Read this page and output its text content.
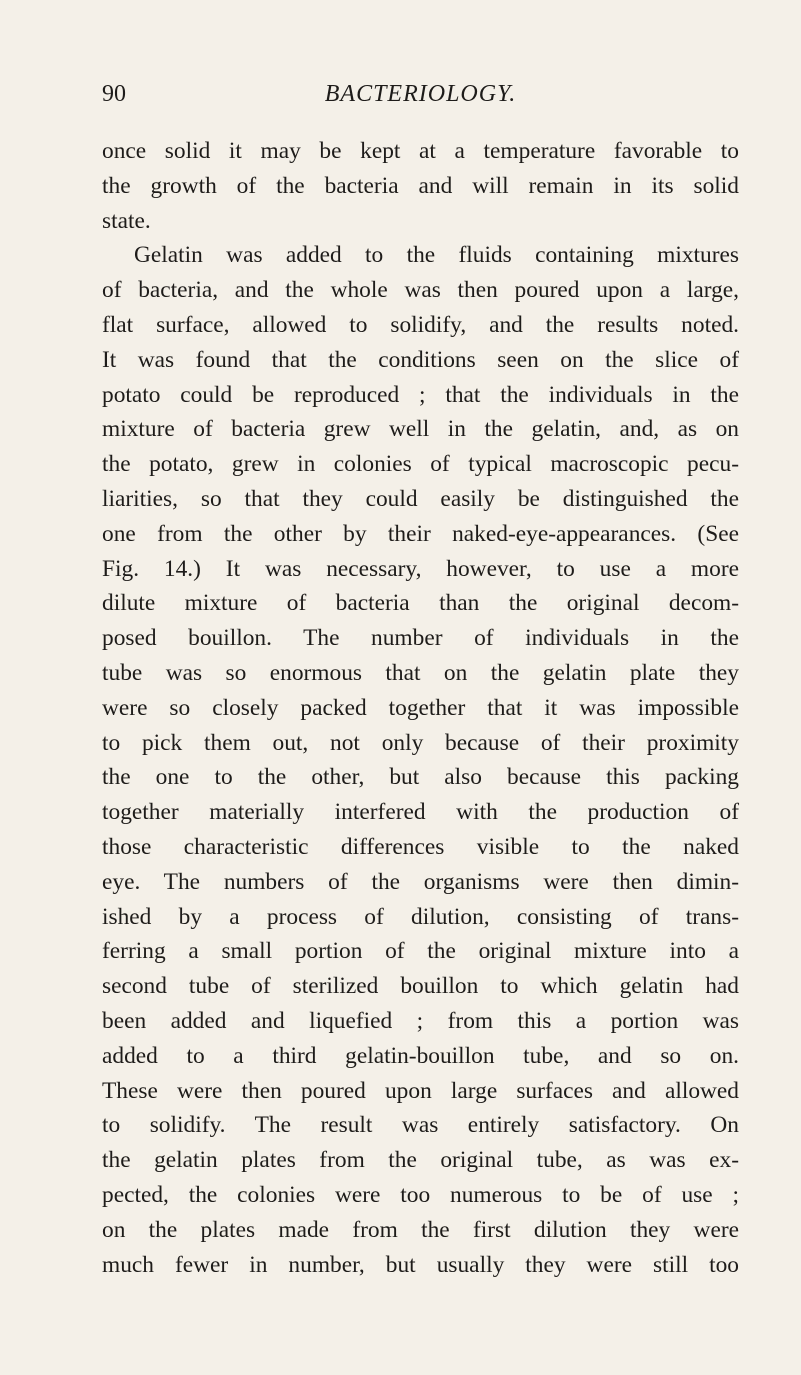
90	BACTERIOLOGY.
once solid it may be kept at a temperature favorable to
the growth of the bacteria and will remain in its solid
state.
Gelatin was added to the fluids containing mixtures
of bacteria, and the whole was then poured upon a large,
flat surface, allowed to solidify, and the results noted.
It was found that the conditions seen on the slice of
potato could be reproduced ; that the individuals in the
mixture of bacteria grew well in the gelatin, and, as on
the potato, grew in colonies of typical macroscopic pecu-
liarities, so that they could easily be distinguished the
one from the other by their naked-eye-appearances. (See
Fig. 14.) It was necessary, however, to use a more
dilute mixture of bacteria than the original decom-
posed bouillon. The number of individuals in the
tube was so enormous that on the gelatin plate they
were so closely packed together that it was impossible
to pick them out, not only because of their proximity
the one to the other, but also because this packing
together materially interfered with the production of
those characteristic differences visible to the naked
eye. The numbers of the organisms were then dimin-
ished by a process of dilution, consisting of trans-
ferring a small portion of the original mixture into a
second tube of sterilized bouillon to which gelatin had
been added and liquefied ; from this a portion was
added to a third gelatin-bouillon tube, and so on.
These were then poured upon large surfaces and allowed
to solidify. The result was entirely satisfactory. On
the gelatin plates from the original tube, as was ex-
pected, the colonies were too numerous to be of use ;
on the plates made from the first dilution they were
much fewer in number, but usually they were still too
